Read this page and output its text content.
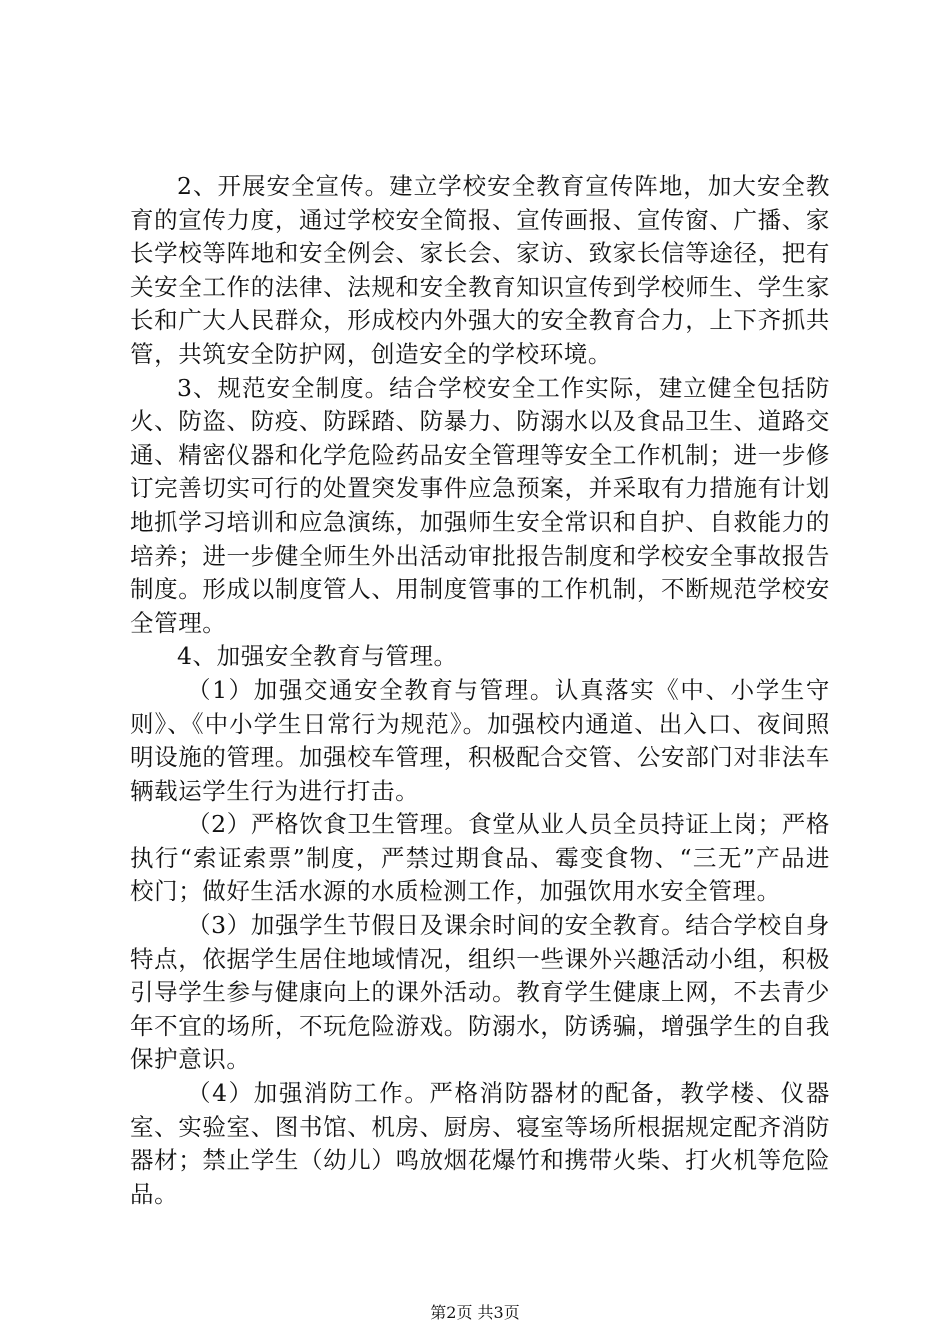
2、开展安全宣传。建立学校安全教育宣传阵地，加大安全教育的宣传力度，通过学校安全简报、宣传画报、宣传窗、广播、家长学校等阵地和安全例会、家长会、家访、致家长信等途径，把有关安全工作的法律、法规和安全教育知识宣传到学校师生、学生家长和广大人民群众，形成校内外强大的安全教育合力，上下齐抓共管，共筑安全防护网，创造安全的学校环境。

3、规范安全制度。结合学校安全工作实际，建立健全包括防火、防盗、防疫、防踩踏、防暴力、防溺水以及食品卫生、道路交通、精密仪器和化学危险药品安全管理等安全工作机制；进一步修订完善切实可行的处置突发事件应急预案，并采取有力措施有计划地抓学习培训和应急演练，加强师生安全常识和自护、自救能力的培养；进一步健全师生外出活动审批报告制度和学校安全事故报告制度。形成以制度管人、用制度管事的工作机制，不断规范学校安全管理。

4、加强安全教育与管理。

（1）加强交通安全教育与管理。认真落实《中、小学生守则》、《中小学生日常行为规范》。加强校内通道、出入口、夜间照明设施的管理。加强校车管理，积极配合交管、公安部门对非法车辆载运学生行为进行打击。

（2）严格饮食卫生管理。食堂从业人员全员持证上岗；严格执行“索证索票”制度，严禁过期食品、霉变食物、“三无”产品进校门；做好生活水源的水质检测工作，加强饮用水安全管理。

（3）加强学生节假日及课余时间的安全教育。结合学校自身特点，依据学生居住地域情况，组织一些课外兴趣活动小组，积极引导学生参与健康向上的课外活动。教育学生健康上网，不去青少年不宜的场所，不玩危险游戏。防溺水，防诱骗，增强学生的自我保护意识。

（4）加强消防工作。严格消防器材的配备，教学楼、仪器室、实验室、图书馆、机房、厨房、寝室等场所根据规定配齐消防器材；禁止学生（幼儿）鸣放烟花爆竹和携带火柴、打火机等危险品。

第2页 共3页
